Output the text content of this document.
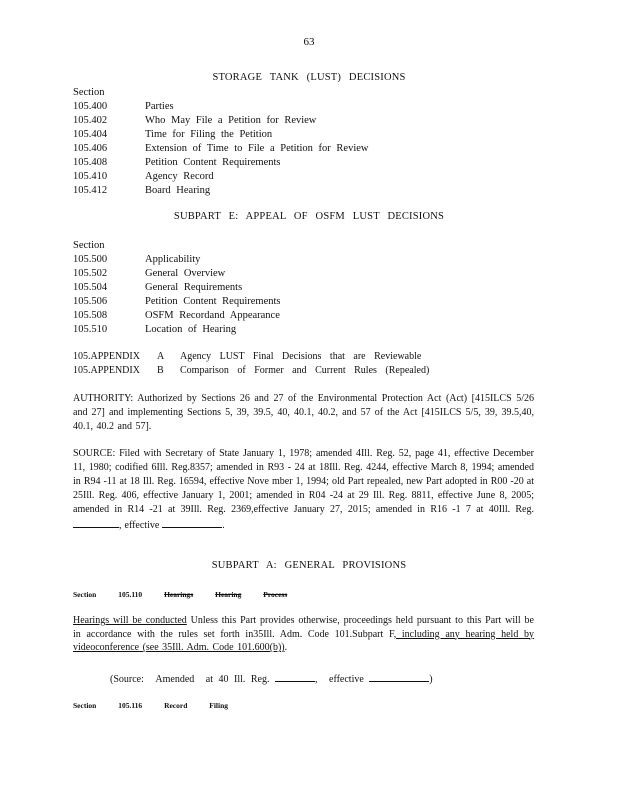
63
STORAGE TANK (LUST) DECISIONS
Section
105.400	Parties
105.402	Who May File a Petition for Review
105.404	Time for Filing the Petition
105.406	Extension of Time to File a Petition for Review
105.408	Petition Content Requirements
105.410	Agency Record
105.412	Board Hearing
SUBPART E: APPEAL OF OSFM LUST DECISIONS
Section
105.500	Applicability
105.502	General Overview
105.504	General Requirements
105.506	Petition Content Requirements
105.508	OSFM Recordand Appearance
105.510	Location of Hearing
105.APPENDIX A Agency LUST Final Decisions that are Reviewable
105.APPENDIX B Comparison of Former and Current Rules (Repealed)
AUTHORITY: Authorized by Sections 26 and 27 of the Environmental Protection Act (Act) [415ILCS 5/26 and 27] and implementing Sections 5, 39, 39.5, 40, 40.1, 40.2, and 57 of the Act [415ILCS 5/5, 39, 39.5,40, 40.1, 40.2 and 57].
SOURCE: Filed with Secretary of State January 1, 1978; amended 4Ill. Reg. 52, page 41, effective December 11, 1980; codified 6Ill. Reg.8357; amended in R93 - 24 at 18Ill. Reg. 4244, effective March 8, 1994; amended in R94 -11 at 18 Ill. Reg. 16594, effective Nove mber 1, 1994; old Part repealed, new Part adopted in R00 -20 at 25Ill. Reg. 406, effective January 1, 2001; amended in R04 -24 at 29 Ill. Reg. 8811, effective June 8, 2005; amended in R14 -21 at 39Ill. Reg. 2369,effective January 27, 2015; amended in R16 -1 7 at 40Ill. Reg. , effective	.
SUBPART A: GENERAL PROVISIONS
Section	105.110	Hearings	Hearing	Process
Hearings will be conducted Unless this Part provides otherwise, proceedings held pursuant to this Part will be in accordance with the rules set forth in35Ill. Adm. Code 101.Subpart F, including any hearing held by videoconference (see 35Ill. Adm. Code 101.600(b)).
(Source: Amended at 40 Ill. Reg.	, effective	)
Section	105.116	Record	Filing
